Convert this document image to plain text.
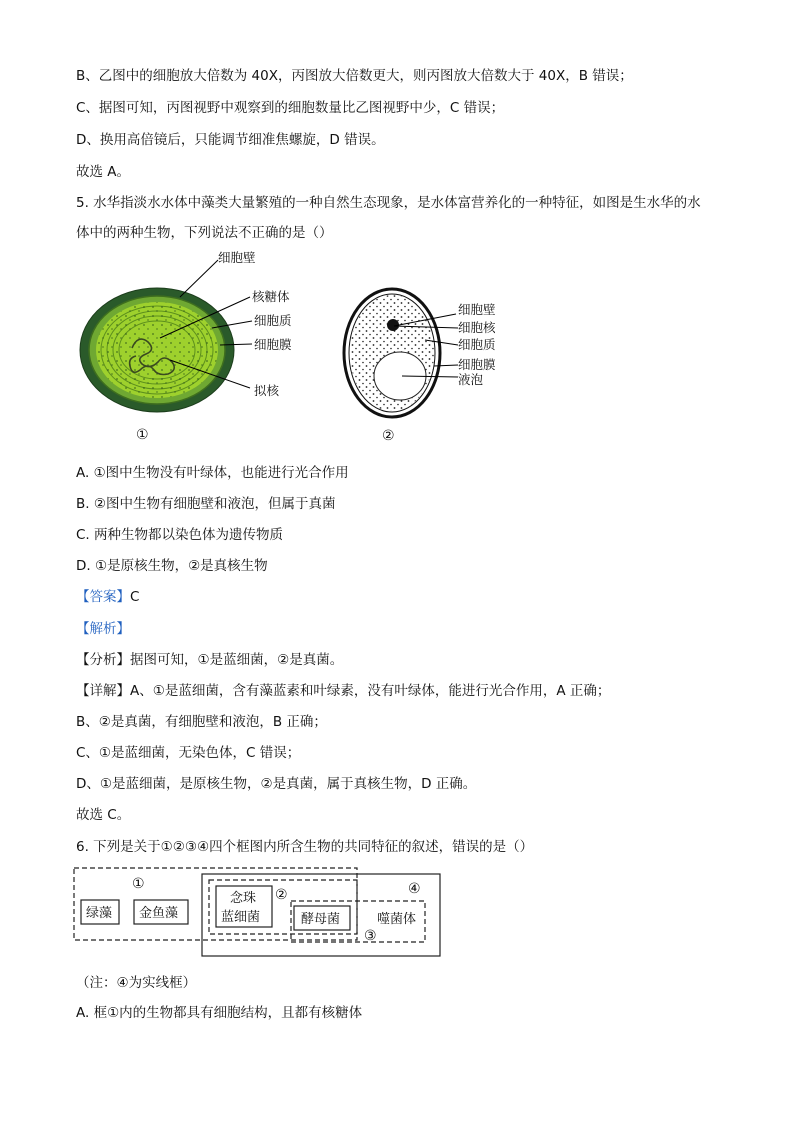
B、乙图中的细胞放大倍数为 40X，丙图放大倍数更大，则丙图放大倍数大于 40X，B 错误；
C、据图可知，丙图视野中观察到的细胞数量比乙图视野中少，C 错误；
D、换用高倍镜后，只能调节细准焦螺旋，D 错误。
故选 A。
5. 水华指淡水水体中藻类大量繁殖的一种自然生态现象，是水体富营养化的一种特征，如图是生水华的水
体中的两种生物，下列说法不正确的是（）
细胞壁
核糖体
细胞质
细胞膜
拟核
①
细胞壁
细胞核
细胞质
细胞膜
液泡
②
A. ①图中生物没有叶绿体，也能进行光合作用
B. ②图中生物有细胞壁和液泡，但属于真菌
C. 两种生物都以染色体为遗传物质
D. ①是原核生物，②是真核生物
【答案】C
【解析】
【分析】据图可知，①是蓝细菌，②是真菌。
【详解】A、①是蓝细菌，含有藻蓝素和叶绿素，没有叶绿体，能进行光合作用，A 正确；
B、②是真菌，有细胞壁和液泡，B 正确；
C、①是蓝细菌，无染色体，C 错误；
D、①是蓝细菌，是原核生物，②是真菌，属于真核生物，D 正确。
故选 C。
6. 下列是关于①②③④四个框图内所含生物的共同特征的叙述，错误的是（）
①
②
③
④
绿藻 金鱼藻
念珠
蓝细菌	酵母菌	噬菌体
（注：④为实线框）
A. 框①内的生物都具有细胞结构，且都有核糖体
